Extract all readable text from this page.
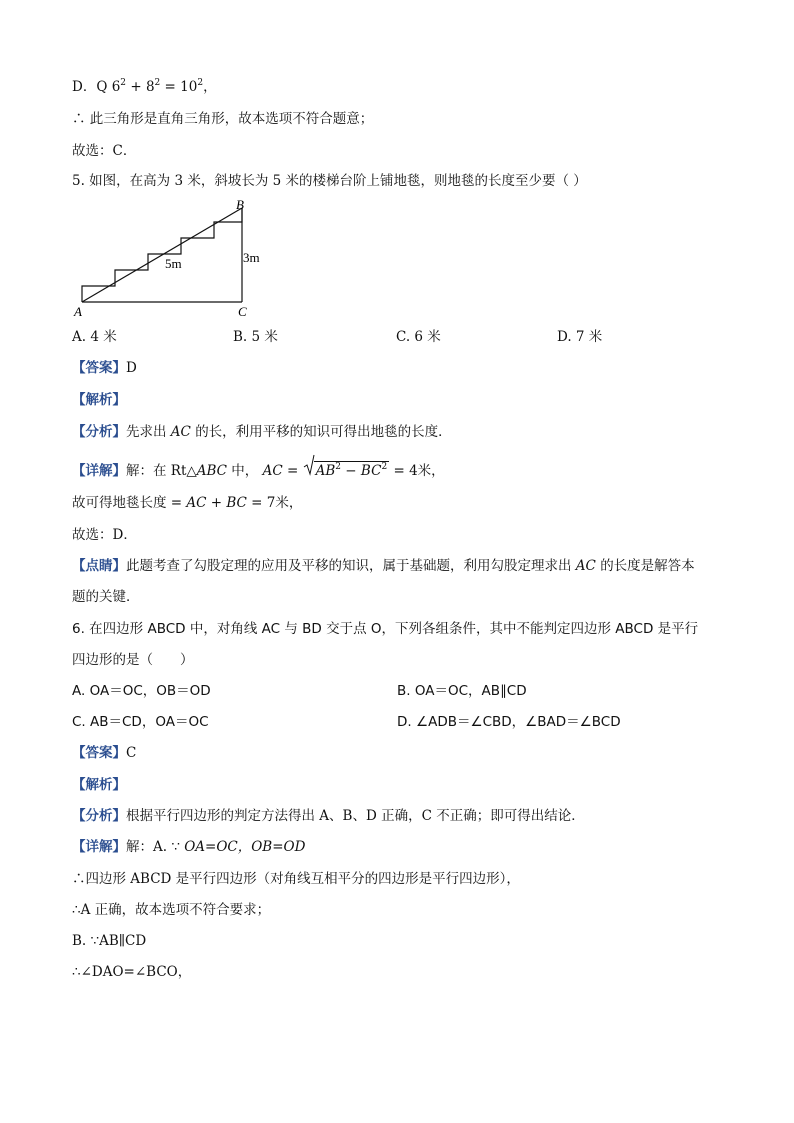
D．Q $6^2 + 8^2 = 10^2$，
∴ 此三角形是直角三角形，故本选项不符合题意；
故选：C．
5. 如图，在高为 3 米，斜坡长为 5 米的楼梯台阶上铺地毯，则地毯的长度至少要（ ）
B
A	C
5m	3m
A. 4 米	B. 5 米	C. 6 米	D. 7 米
【答案】D
【解析】
【分析】先求出 AC 的长，利用平移的知识可得出地毯的长度．
【详解】解：在 Rt△ABC 中， AC =
$AB^2 - BC^2 = 4$米，
故可得地毯长度 = AC + BC = 7米，
故选：D．
【点睛】此题考查了勾股定理的应用及平移的知识，属于基础题，利用勾股定理求出 AC 的长度是解答本
题的关键．
6. 在四边形 ABCD 中，对角线 AC 与 BD 交于点 O，下列各组条件，其中不能判定四边形 ABCD 是平行
四边形的是（　　）
A. OA＝OC，OB＝OD	B. OA＝OC，AB∥CD
C. AB＝CD，OA＝OC	D. ∠ADB＝∠CBD，∠BAD＝∠BCD
【答案】C
【解析】
【分析】根据平行四边形的判定方法得出 A、B、D 正确，C 不正确；即可得出结论．
【详解】解：A. ∵ OA=OC，OB=OD
∴四边形 ABCD 是平行四边形（对角线互相平分的四边形是平行四边形），
∴A 正确，故本选项不符合要求；
B. ∵AB∥CD
∴∠DAO=∠BCO，
